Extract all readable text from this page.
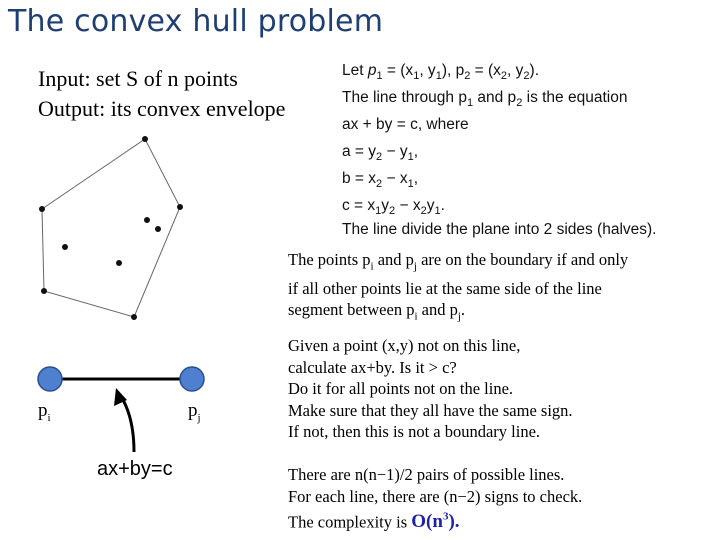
The convex hull problem
Input: set S of n points
Output: its convex envelope
Let $p_1 = (x_1$, $y_1$), $p_2 = (x_2$, $y_2$).
The line through $p_1$ and $p_2$ is the equation
ax + by = c, where
$a = y_2 - y_1$,
$b = x_2 - x_1$,
$c = x_1y_2 - x_2y_1$.
The line divide the plane into 2 sides (halves).
The points $p_i$ and $p_j$ are on the boundary if and only
if all other points lie at the same side of the line
segment between $p_i$ and $p_j$.
Given a point (x,y) not on this line,
calculate ax+by. Is it > c?
Do it for all points not on the line.
Make sure that they all have the same sign.
If not, then this is not a boundary line.
There are n(n−1)/2 pairs of possible lines.
For each line, there are (n−2) signs to check.
The complexity is $O(n^3)$.
$p_i$	$p_j$
ax+by=c
